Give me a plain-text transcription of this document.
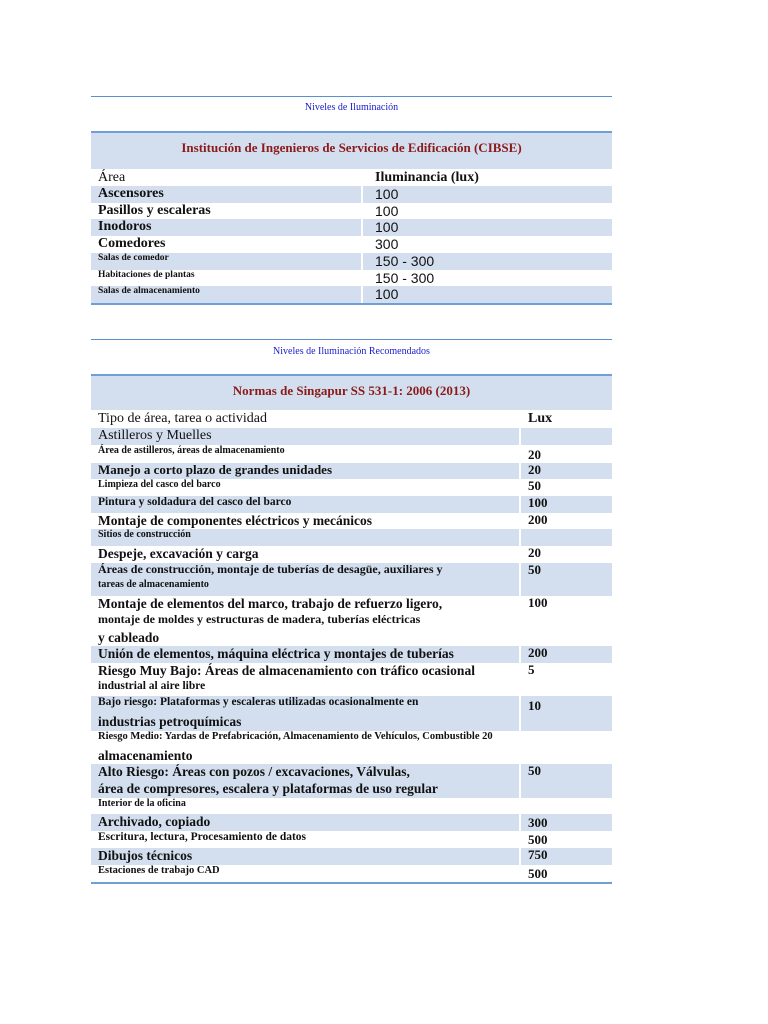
Niveles de Iluminación
Institución de Ingenieros de Servicios de Edificación (CIBSE)
Área	Iluminancia (lux)
Ascensores	100
Pasillos y escaleras	100
Inodoros	100
Comedores	300
Salas de comedor	150 - 300
Habitaciones de plantas	150 - 300
Salas de almacenamiento	100
Niveles de Iluminación Recomendados
Normas de Singapur SS 531-1: 2006 (2013)
Tipo de área, tarea o actividad	Lux
Astilleros y Muelles	
Área de astilleros, áreas de almacenamiento	20
Manejo a corto plazo de grandes unidades	20
Limpieza del casco del barco	50
Pintura y soldadura del casco del barco	100
Montaje de componentes eléctricos y mecánicos	200
Sitios de construcción	
Despeje, excavación y carga	20
Áreas de construcción, montaje de tuberías de desagüe, auxiliares y	50
tareas de almacenamiento	
Montaje de elementos del marco, trabajo de refuerzo ligero,	100
montaje de moldes y estructuras de madera, tuberías eléctricas	
y cableado	
Unión de elementos, máquina eléctrica y montajes de tuberías	200
Riesgo Muy Bajo: Áreas de almacenamiento con tráfico ocasional	5
industrial al aire libre	
Bajo riesgo: Plataformas y escaleras utilizadas ocasionalmente en	10
industrias petroquímicas	
Riesgo Medio: Yardas de Prefabricación, Almacenamiento de Vehículos, Combustible 20	
almacenamiento	
Alto Riesgo: Áreas con pozos / excavaciones, Válvulas,	50
área de compresores, escalera y plataformas de uso regular	
Interior de la oficina	
Archivado, copiado	300
Escritura, lectura, Procesamiento de datos	500
Dibujos técnicos	750
Estaciones de trabajo CAD	500
